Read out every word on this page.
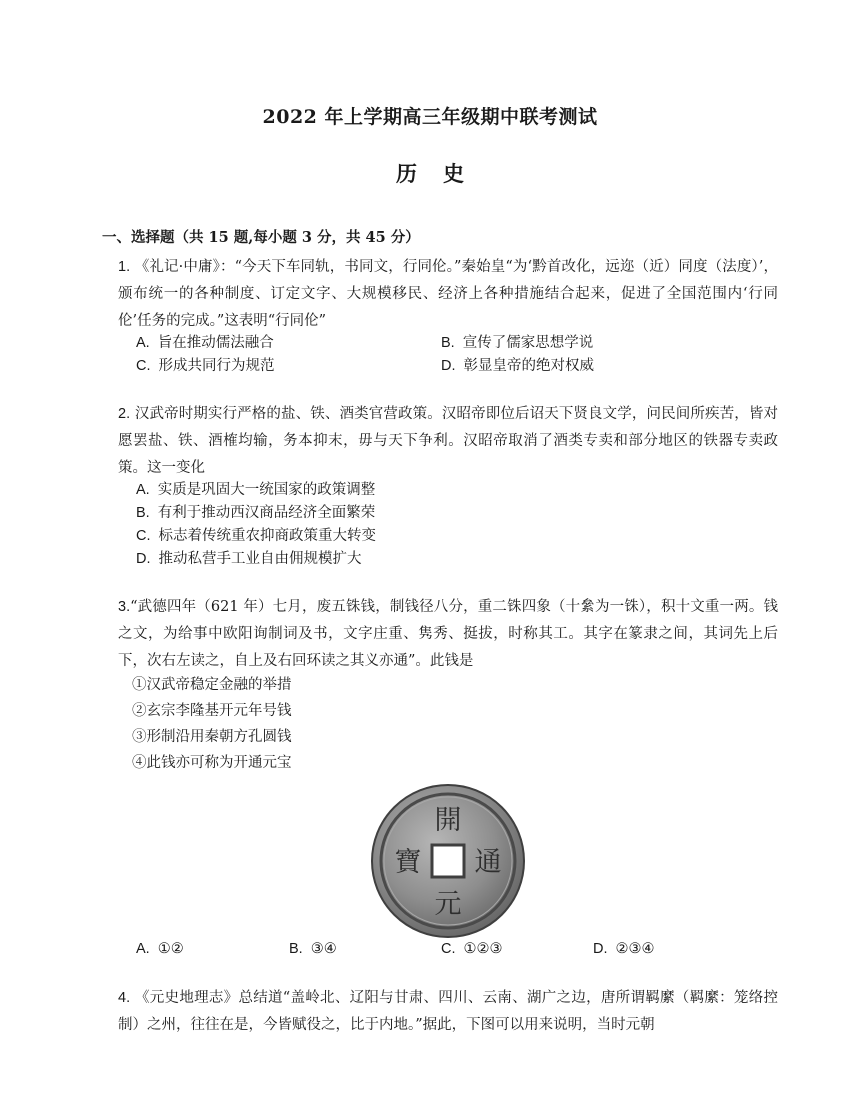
2022 年上学期高三年级期中联考测试
历史
一、选择题（共 15 题,每小题 3 分，共 45 分）

1. 《礼记·中庸》：“今天下车同轨，书同文，行同伦。”秦始皇“为‘黔首改化，远迩（近）同度（法度）’，颁布统一的各种制度、订定文字、大规模移民、经济上各种措施结合起来，促进了全国范围内‘行同伦’任务的完成。”这表明“行同伦”

A. 旨在推动儒法融合	B. 宣传了儒家思想学说
C. 形成共同行为规范	D. 彰显皇帝的绝对权威

2. 汉武帝时期实行严格的盐、铁、酒类官营政策。汉昭帝即位后诏天下贤良文学，问民间所疾苦，皆对愿罢盐、铁、酒榷均输，务本抑末，毋与天下争利。汉昭帝取消了酒类专卖和部分地区的铁器专卖政策。这一变化

A. 实质是巩固大一统国家的政策调整
B. 有利于推动西汉商品经济全面繁荣
C. 标志着传统重农抑商政策重大转变
D. 推动私营手工业自由佣规模扩大

3.“武德四年（621 年）七月，废五铢钱，制钱径八分，重二铢四象（十絫为一铢），积十文重一两。钱之文，为给事中欧阳询制词及书，文字庄重、隽秀、挺拔，时称其工。其字在篆隶之间，其词先上后下，次右左读之，自上及右回环读之其义亦通”。此钱是

①汉武帝稳定金融的举措
②玄宗李隆基开元年号钱
③形制沿用秦朝方孔圆钱
④此钱亦可称为开通元宝
開
元
通
寶
A. ①②	B. ③④	C. ①②③	D. ②③④

4. 《元史地理志》总结道“盖岭北、辽阳与甘肃、四川、云南、湖广之边，唐所谓羁縻（羁縻：笼络控制）之州，往往在是，今皆赋役之，比于内地。”据此，下图可以用来说明，当时元朝
